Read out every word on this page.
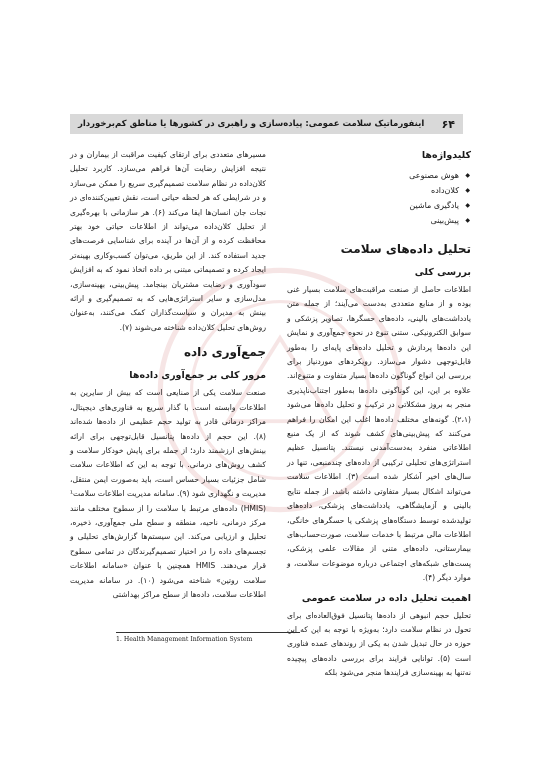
۶۴
اینفورماتیک سلامت عمومی: پیاده‌سازی و راهبری در کشورها یا مناطق کم‌برخوردار
کلیدواژه‌ها
◆ هوش مصنوعی
◆ کلان‌داده
◆ یادگیری ماشین
◆ پیش‌بینی
تحلیل داده‌های سلامت
بررسی کلی

اطلاعات حاصل از صنعت مراقبت‌های سلامت بسیار غنی بوده و از منابع متعددی به‌دست می‌آیند؛ از جمله متن یادداشت‌های بالینی، داده‌های حسگرها، تصاویر پزشکی و سوابق الکترونیکی. ستنی تنوع در نحوه جمع‌آوری و نمایش این داده‌ها پردازش و تحلیل داده‌های پایه‌ای را به‌طور قابل‌توجهی دشوار می‌سازد. رویکردهای موردنیاز برای بررسی این انواع گوناگون داده‌ها بسیار متفاوت و متنوع‌اند. علاوه بر این، این گوناگونی داده‌ها به‌طور اجتناب‌ناپذیری منجر به بروز مشکلاتی در ترکیب و تحلیل داده‌ها می‌شود (۲،۱). گونه‌های مختلف داده‌ها اغلب این امکان را فراهم می‌کنند که پیش‌بینی‌های کشف شوند که از یک منبع اطلاعاتی منفرد به‌دست‌آمدنی نیستند. پتانسیل عظیم استراتژی‌های تحلیلی ترکیبی از داده‌های چندمنبعی، تنها در سال‌های اخیر آشکار شده است (۳). اطلاعات سلامت می‌تواند اشکال بسیار متفاوتی داشته باشد، از جمله نتایج بالینی و آزمایشگاهی، یادداشت‌های پزشکی، داده‌های تولیدشده توسط دستگاه‌های پزشکی یا حسگرهای خانگی، اطلاعات مالی مرتبط با خدمات سلامت، صورت‌حساب‌های بیمارستانی، داده‌های متنی از مقالات علمی پزشکی، پست‌های شبکه‌های اجتماعی درباره موضوعات سلامت، و موارد دیگر (۴).

اهمیت تحلیل داده در سلامت عمومی

تحلیل حجم انبوهی از داده‌ها پتانسیل فوق‌العاده‌ای برای تحول در نظام سلامت دارد؛ به‌ویژه با توجه به این که این حوزه در حال تبدیل شدن به یکی از روندهای عمده فناوری است (۵). توانایی فرایند برای بررسی داده‌های پیچیده نه‌تنها به بهینه‌سازی فرایندها منجر می‌شود بلکه

مسیرهای متعددی برای ارتقای کیفیت مراقبت از بیماران و در نتیجه افزایش رضایت آن‌ها فراهم می‌سازد. کاربرد تحلیل کلان‌داده در نظام سلامت تصمیم‌گیری سریع را ممکن می‌سازد و در شرایطی که هر لحظه حیاتی است، نقش تعیین‌کننده‌ای در نجات جان انسان‌ها ایفا می‌کند (۶). هر سازمانی با بهره‌گیری از تحلیل کلان‌داده می‌تواند از اطلاعات حیاتی خود بهتر محافظت کرده و از آن‌ها در آینده برای شناسایی فرصت‌های جدید استفاده کند. از این طریق، می‌توان کسب‌وکاری بهینه‌تر ایجاد کرده و تصمیماتی مبتنی بر داده اتخاذ نمود که به افزایش سودآوری و رضایت مشتریان بینجامد. پیش‌بینی، بهینه‌سازی، مدل‌سازی و سایر استراتژی‌هایی که به تصمیم‌گیری و ارائه بینش به مدیران و سیاست‌گذاران کمک می‌کنند، به‌عنوان روش‌های تحلیل کلان‌داده شناخته می‌شوند (۷).

جمع‌آوری داده
مرور کلی بر جمع‌آوری داده‌ها

صنعت سلامت یکی از صنایعی است که بیش از سایرین به اطلاعات وابسته است. با گذار سریع به فناوری‌های دیجیتال، مراکز درمانی قادر به تولید حجم عظیمی از داده‌ها شده‌اند (۸). این حجم از داده‌ها پتانسیل قابل‌توجهی برای ارائه بینش‌های ارزشمند دارد؛ از جمله برای پایش خودکار سلامت و کشف روش‌های درمانی. با توجه به این که اطلاعات سلامت شامل جزئیات بسیار حساس است، باید به‌صورت ایمن منتقل، مدیریت و نگهداری شود (۹). سامانه مدیریت اطلاعات سلامت¹ (HMIS) داده‌های مرتبط با سلامت را از سطوح مختلف مانند مرکز درمانی، ناحیه، منطقه و سطح ملی جمع‌آوری، ذخیره، تحلیل و ارزیابی می‌کند. این سیستم‌ها گزارش‌های تحلیلی و تجسم‌های داده را در اختیار تصمیم‌گیرندگان در تمامی سطوح قرار می‌دهند. HMIS همچنین با عنوان «سامانه اطلاعات سلامت روتین» شناخته می‌شود (۱۰). در سامانه مدیریت اطلاعات سلامت، داده‌ها از سطح مراکز بهداشتی

1. Health Management Information System
